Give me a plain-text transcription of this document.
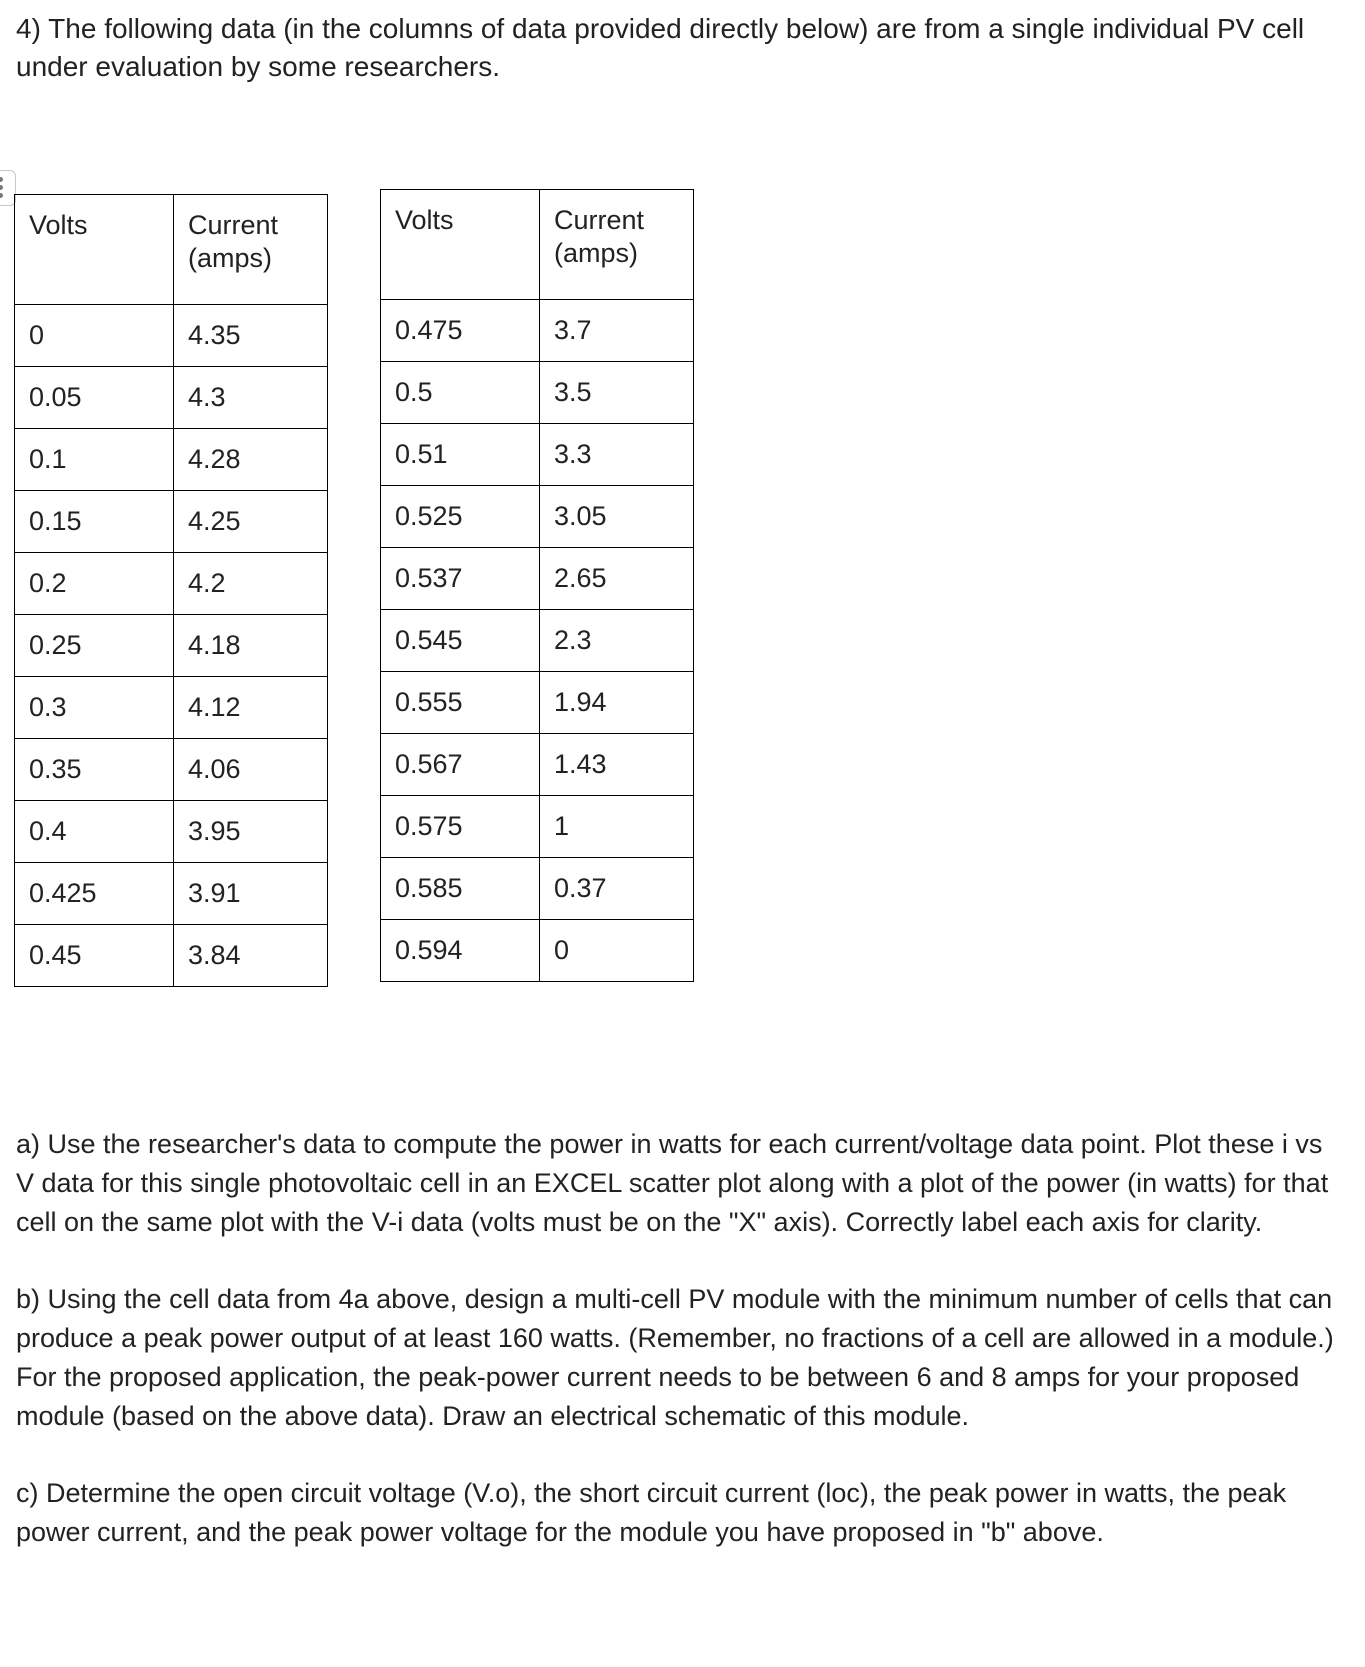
4) The following data (in the columns of data provided directly below) are from a single individual PV cell under evaluation by some researchers.

Volts	Current
(amps)
0	4.35
0.05	4.3
0.1	4.28
0.15	4.25
0.2	4.2
0.25	4.18
0.3	4.12
0.35	4.06
0.4	3.95
0.425	3.91
0.45	3.84
Volts	Current
(amps)
0.475	3.7
0.5	3.5
0.51	3.3
0.525	3.05
0.537	2.65
0.545	2.3
0.555	1.94
0.567	1.43
0.575	1
0.585	0.37
0.594	0

a) Use the researcher's data to compute the power in watts for each current/voltage data point. Plot these i vs V data for this single photovoltaic cell in an EXCEL scatter plot along with a plot of the power (in watts) for that cell on the same plot with the V-i data (volts must be on the "X" axis). Correctly label each axis for clarity.

b) Using the cell data from 4a above, design a multi-cell PV module with the minimum number of cells that can produce a peak power output of at least 160 watts. (Remember, no fractions of a cell are allowed in a module.) For the proposed application, the peak-power current needs to be between 6 and 8 amps for your proposed module (based on the above data). Draw an electrical schematic of this module.

c) Determine the open circuit voltage (V.o), the short circuit current (loc), the peak power in watts, the peak power current, and the peak power voltage for the module you have proposed in "b" above.
